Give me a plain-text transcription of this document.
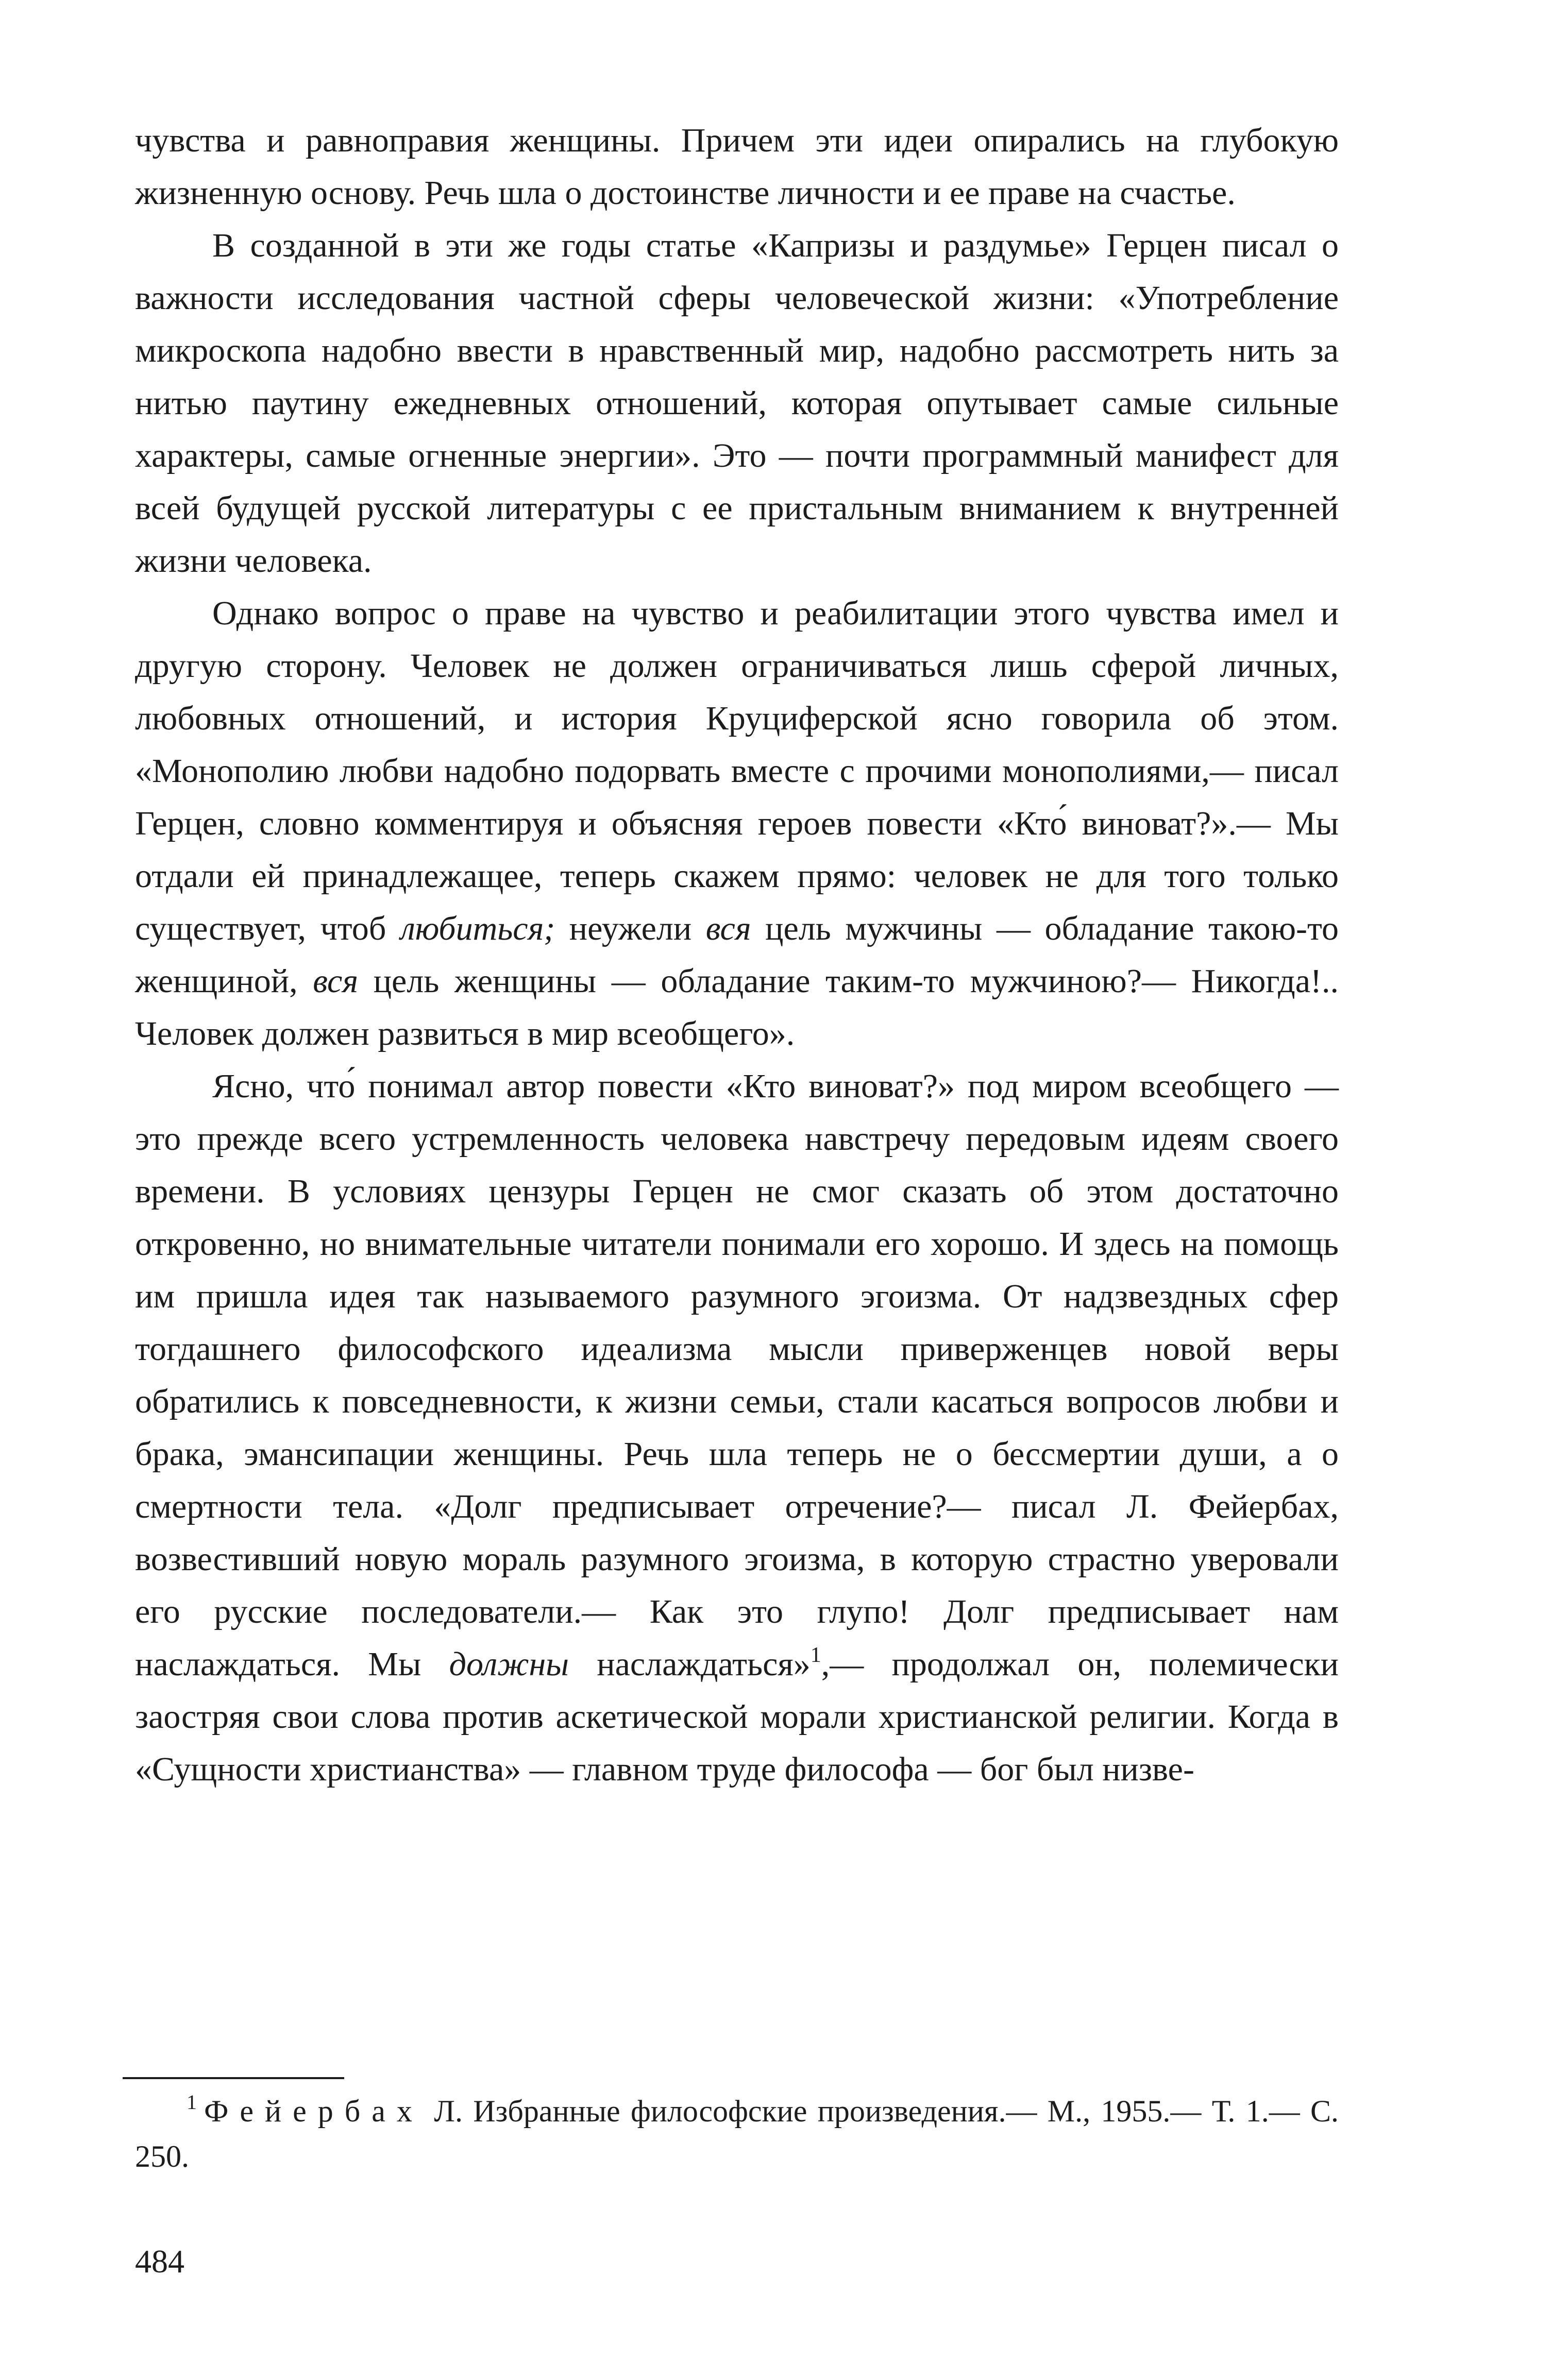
чувства и равноправия женщины. Причем эти идеи опирались на глубокую жизненную основу. Речь шла о достоинстве личности и ее праве на счастье.

В созданной в эти же годы статье «Капризы и раздумье» Герцен писал о важности исследования частной сферы человеческой жизни: «Употребление микроскопа надобно ввести в нравственный мир, надобно рассмотреть нить за нитью паутину ежедневных отношений, которая опутывает самые сильные характеры, самые огненные энергии». Это — почти программный манифест для всей будущей русской литературы с ее пристальным вниманием к внутренней жизни человека.

Однако вопрос о праве на чувство и реабилитации этого чувства имел и другую сторону. Человек не должен ограничиваться лишь сферой личных, любовных отношений, и история Круциферской ясно говорила об этом. «Монополию любви надобно подорвать вместе с прочими монополиями,— писал Герцен, словно комментируя и объясняя героев повести «Кто́ виноват?».— Мы отдали ей принадлежащее, теперь скажем прямо: человек не для того только существует, чтоб любиться; неужели вся цель мужчины — обладание такою-то женщиной, вся цель женщины — обладание таким-то мужчиною?— Никогда!.. Человек должен развиться в мир всеобщего».

Ясно, что́ понимал автор повести «Кто виноват?» под миром всеобщего — это прежде всего устремленность человека навстречу передовым идеям своего времени. В условиях цензуры Герцен не смог сказать об этом достаточно откровенно, но внимательные читатели понимали его хорошо. И здесь на помощь им пришла идея так называемого разумного эгоизма. От надзвездных сфер тогдашнего философского идеализма мысли приверженцев новой веры обратились к повседневности, к жизни семьи, стали касаться вопросов любви и брака, эмансипации женщины. Речь шла теперь не о бессмертии души, а о смертности тела. «Долг предписывает отречение?— писал Л. Фейербах, возвестивший новую мораль разумного эгоизма, в которую страстно уверовали его русские последователи.— Как это глупо! Долг предписывает нам наслаждаться. Мы должны наслаждаться»$^1$,— продолжал он, полемически заостряя свои слова против аскетической морали христианской религии. Когда в «Сущности христианства» — главном труде философа — бог был низве-

1 Фейербах Л. Избранные философские произведения.— М., 1955.— Т. 1.— С. 250.
484
